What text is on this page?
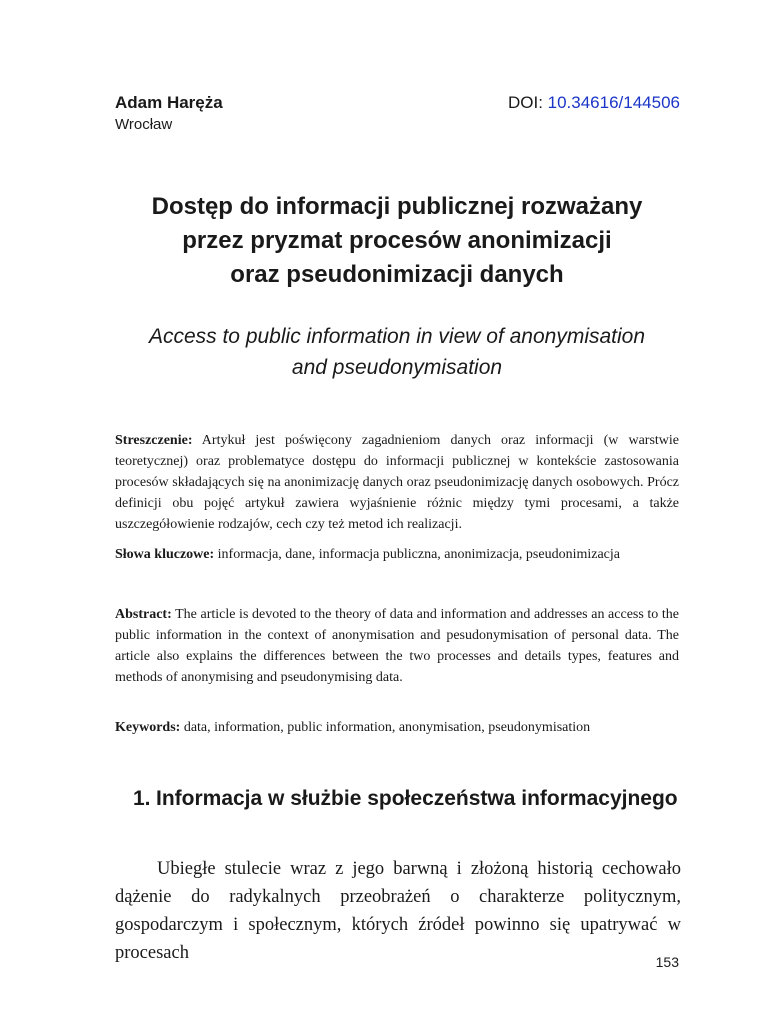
Adam Haręża
Wrocław
DOI: 10.34616/144506
Dostęp do informacji publicznej rozważany
przez pryzmat procesów anonimizacji
oraz pseudonimizacji danych
Access to public information in view of anonymisation
and pseudonymisation
Streszczenie: Artykuł jest poświęcony zagadnieniom danych oraz informacji (w warstwie teoretycznej) oraz problematyce dostępu do informacji publicznej w kontekście zastosowania procesów składających się na anonimizację danych oraz pseudonimizację danych osobowych. Prócz definicji obu pojęć artykuł zawiera wyjaśnienie różnic między tymi procesami, a także uszczegółowienie rodzajów, cech czy też metod ich realizacji.
Słowa kluczowe: informacja, dane, informacja publiczna, anonimizacja, pseudonimizacja
Abstract: The article is devoted to the theory of data and information and addresses an access to the public information in the context of anonymisation and pesudonymisation of personal data. The article also explains the differences between the two processes and details types, features and methods of anonymising and pseudonymising data.
Keywords: data, information, public information, anonymisation, pseudonymisation
1. Informacja w służbie społeczeństwa informacyjnego
Ubiegłe stulecie wraz z jego barwną i złożoną historią cechowało dążenie do radykalnych przeobrażeń o charakterze politycznym, gospodarczym i społecznym, których źródeł powinno się upatrywać w procesach	153
